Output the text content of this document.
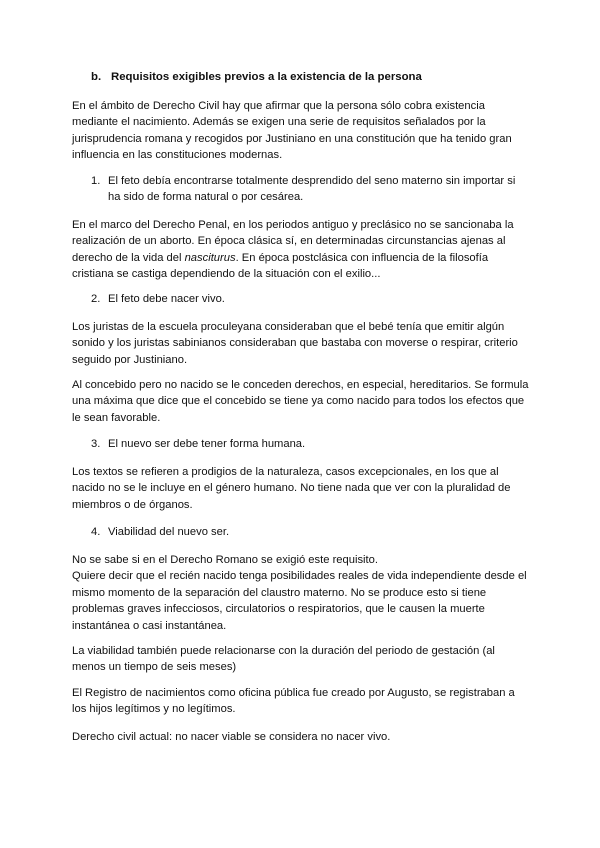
b. Requisitos exigibles previos a la existencia de la persona
En el ámbito de Derecho Civil hay que afirmar que la persona sólo cobra existencia
mediante el nacimiento. Además se exigen una serie de requisitos señalados por la
jurisprudencia romana y recogidos por Justiniano en una constitución que ha tenido gran
influencia en las constituciones modernas.
1. El feto debía encontrarse totalmente desprendido del seno materno sin importar si
ha sido de forma natural o por cesárea.
En el marco del Derecho Penal, en los periodos antiguo y preclásico no se sancionaba la
realización de un aborto. En época clásica sí, en determinadas circunstancias ajenas al
derecho de la vida del nasciturus. En época postclásica con influencia de la filosofía
cristiana se castiga dependiendo de la situación con el exilio...
2. El feto debe nacer vivo.
Los juristas de la escuela proculeyana consideraban que el bebé tenía que emitir algún
sonido y los juristas sabinianos consideraban que bastaba con moverse o respirar, criterio
seguido por Justiniano.
Al concebido pero no nacido se le conceden derechos, en especial, hereditarios. Se formula
una máxima que dice que el concebido se tiene ya como nacido para todos los efectos que
le sean favorable.
3. El nuevo ser debe tener forma humana.
Los textos se refieren a prodigios de la naturaleza, casos excepcionales, en los que al
nacido no se le incluye en el género humano. No tiene nada que ver con la pluralidad de
miembros o de órganos.
4. Viabilidad del nuevo ser.
No se sabe si en el Derecho Romano se exigió este requisito.
Quiere decir que el recién nacido tenga posibilidades reales de vida independiente desde el
mismo momento de la separación del claustro materno. No se produce esto si tiene
problemas graves infecciosos, circulatorios o respiratorios, que le causen la muerte
instantánea o casi instantánea.
La viabilidad también puede relacionarse con la duración del periodo de gestación (al
menos un tiempo de seis meses)
El Registro de nacimientos como oficina pública fue creado por Augusto, se registraban a
los hijos legítimos y no legítimos.
Derecho civil actual: no nacer viable se considera no nacer vivo.
